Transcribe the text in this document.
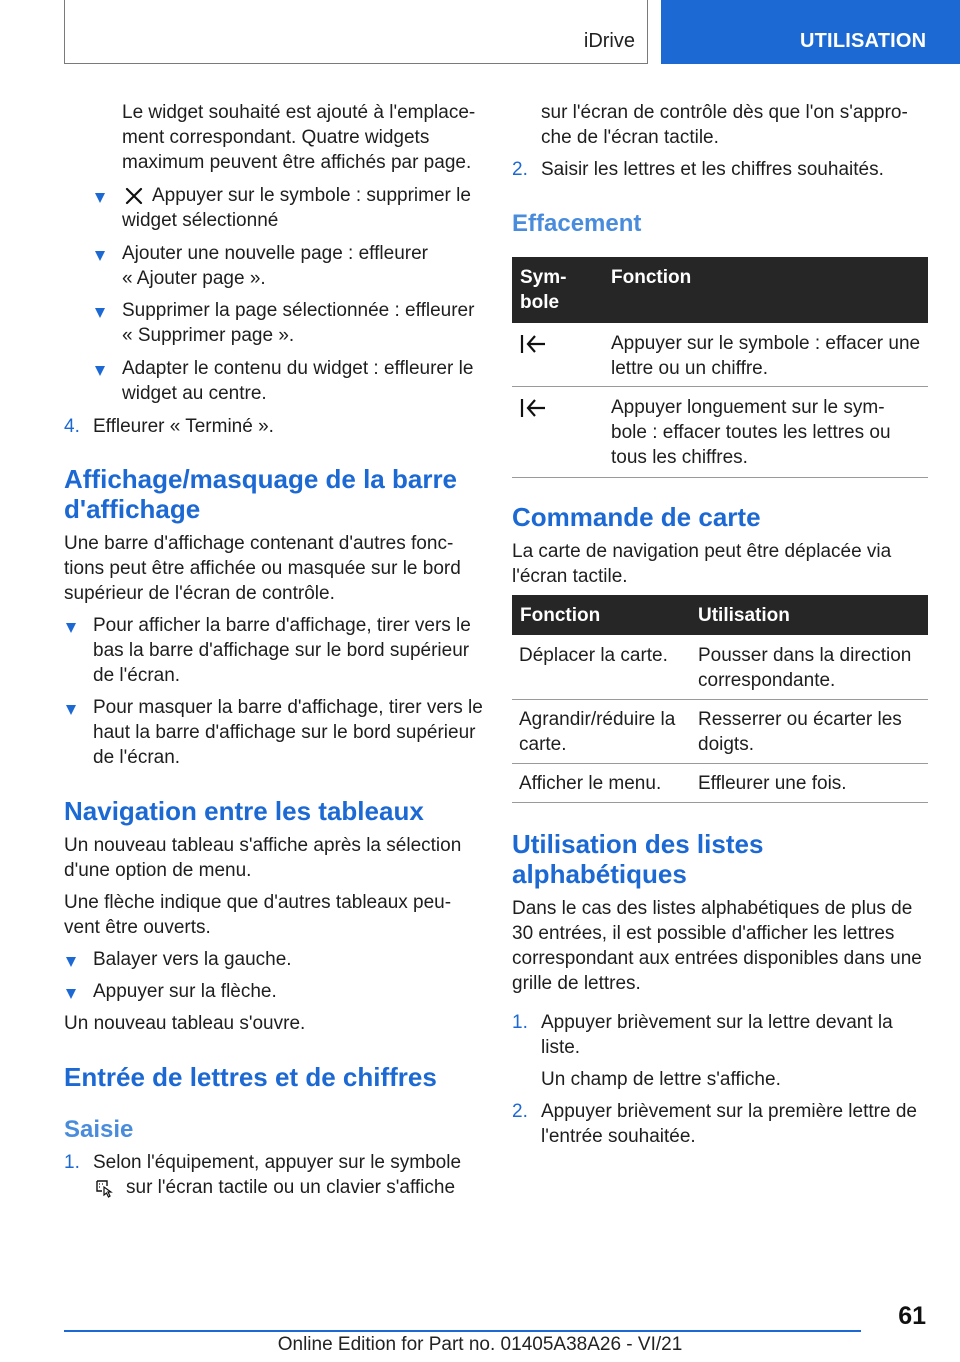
iDrive	UTILISATION

Le widget souhaité est ajouté à l'emplace-

ment correspondant. Quatre widgets

maximum peuvent être affichés par page.

Appuyer sur le symbole : supprimer le

widget sélectionné

Ajouter une nouvelle page : effleurer

« Ajouter page ».

Supprimer la page sélectionnée : effleurer

« Supprimer page ».

Adapter le contenu du widget : effleurer le

widget au centre.

4. Effleurer « Terminé ».

Affichage/masquage de la barre
d'affichage

Une barre d'affichage contenant d'autres fonc-

tions peut être affichée ou masquée sur le bord

supérieur de l'écran de contrôle.

Pour afficher la barre d'affichage, tirer vers le

bas la barre d'affichage sur le bord supérieur

de l'écran.

Pour masquer la barre d'affichage, tirer vers le

haut la barre d'affichage sur le bord supérieur

de l'écran.

Navigation entre les tableaux

Un nouveau tableau s'affiche après la sélection

d'une option de menu.

Une flèche indique que d'autres tableaux peu-

vent être ouverts.

Balayer vers la gauche.

Appuyer sur la flèche.

Un nouveau tableau s'ouvre.

Entrée de lettres et de chiffres
Saisie
1. Selon l'équipement, appuyer sur le symbole

sur l'écran tactile ou un clavier s'affiche

sur l'écran de contrôle dès que l'on s'appro-

che de l'écran tactile.

2. Saisir les lettres et les chiffres souhaités.

Effacement
Sym-
bole
Fonction

Appuyer sur le symbole : effacer une

lettre ou un chiffre.

Appuyer longuement sur le sym-

bole : effacer toutes les lettres ou

tous les chiffres.

Commande de carte

La carte de navigation peut être déplacée via

l'écran tactile.

Fonction	Utilisation

Déplacer la carte. Pousser dans la direction

correspondante.

Agrandir/réduire la

carte.

Resserrer ou écarter les

doigts.

Afficher le menu. Effleurer une fois.

Utilisation des listes
alphabétiques

Dans le cas des listes alphabétiques de plus de

30 entrées, il est possible d'afficher les lettres

correspondant aux entrées disponibles dans une

grille de lettres.

1. Appuyer brièvement sur la lettre devant la

liste.

Un champ de lettre s'affiche.

2. Appuyer brièvement sur la première lettre de

l'entrée souhaitée.

61
Online Edition for Part no. 01405A38A26 - VI/21
